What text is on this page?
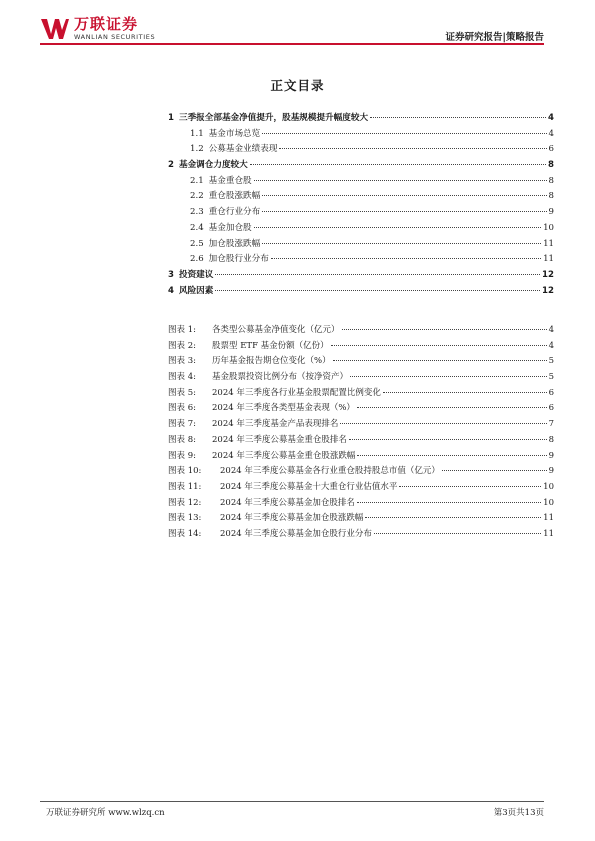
万联证券
WANLIAN SECURITIES	证券研究报告|策略报告
正文目录
1 三季报全部基金净值提升，股基规模提升幅度较大	4
1.1 基金市场总览	4
1.2 公募基金业绩表现	6
2 基金调仓力度较大	8
2.1 基金重仓股	8
2.2 重仓股涨跌幅	8
2.3 重仓行业分布	9
2.4 基金加仓股	10
2.5 加仓股涨跌幅	11
2.6 加仓股行业分布	11
3 投资建议	12
4 风险因素	12
图表 1:	各类型公募基金净值变化（亿元）	4
图表 2:	股票型 ETF 基金份额（亿份）	4
图表 3:	历年基金报告期仓位变化（%）	5
图表 4:	基金股票投资比例分布（按净资产）	5
图表 5:	2024 年三季度各行业基金股票配置比例变化	6
图表 6:	2024 年三季度各类型基金表现（%）	6
图表 7:	2024 年三季度基金产品表现排名	7
图表 8:	2024 年三季度公募基金重仓股排名	8
图表 9:	2024 年三季度公募基金重仓股涨跌幅	9
图表 10:	2024 年三季度公募基金各行业重仓股持股总市值（亿元）	9
图表 11:	2024 年三季度公募基金十大重仓行业估值水平	10
图表 12:	2024 年三季度公募基金加仓股排名	10
图表 13:	2024 年三季度公募基金加仓股涨跌幅	11
图表 14:	2024 年三季度公募基金加仓股行业分布	11
万联证券研究所 www.wlzq.cn	第3页共13页
